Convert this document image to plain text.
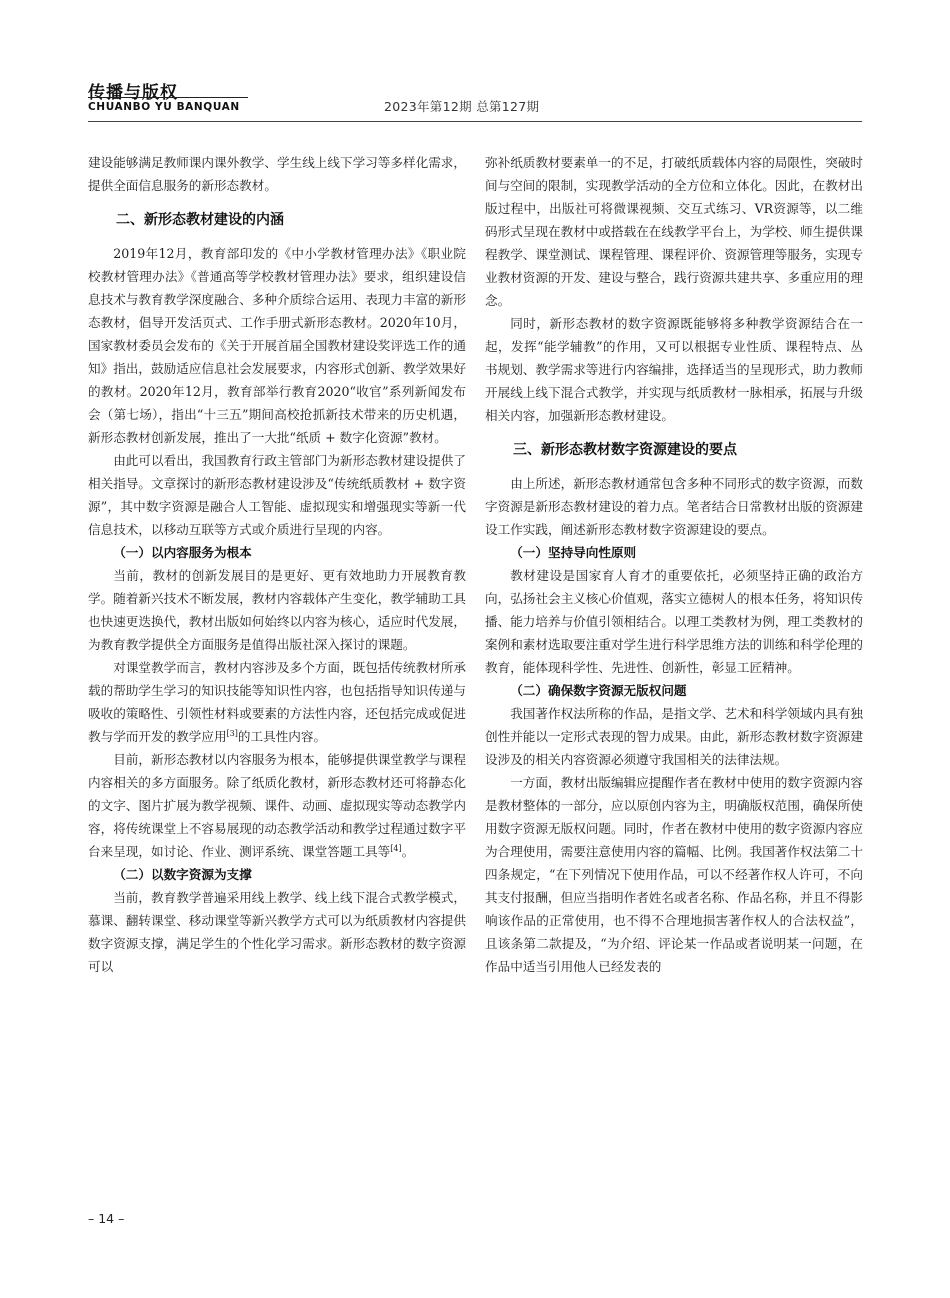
传播与版权
CHUANBO YU BANQUAN	2023年第12期 总第127期

建设能够满足教师课内课外教学、学生线上线下学习等多样化需求，提供全面信息服务的新形态教材。

二、新形态教材建设的内涵

2019年12月，教育部印发的《中小学教材管理办法》《职业院校教材管理办法》《普通高等学校教材管理办法》要求，组织建设信息技术与教育教学深度融合、多种介质综合运用、表现力丰富的新形态教材，倡导开发活页式、工作手册式新形态教材。2020年10月，国家教材委员会发布的《关于开展首届全国教材建设奖评选工作的通知》指出，鼓励适应信息社会发展要求，内容形式创新、教学效果好的教材。2020年12月，教育部举行教育2020“收官”系列新闻发布会（第七场），指出“十三五”期间高校抢抓新技术带来的历史机遇，新形态教材创新发展，推出了一大批“纸质 + 数字化资源”教材。

由此可以看出，我国教育行政主管部门为新形态教材建设提供了相关指导。文章探讨的新形态教材建设涉及“传统纸质教材 + 数字资源”，其中数字资源是融合人工智能、虚拟现实和增强现实等新一代信息技术，以移动互联等方式或介质进行呈现的内容。

（一）以内容服务为根本

当前，教材的创新发展目的是更好、更有效地助力开展教育教学。随着新兴技术不断发展，教材内容载体产生变化，教学辅助工具也快速更迭换代，教材出版如何始终以内容为核心，适应时代发展，为教育教学提供全方面服务是值得出版社深入探讨的课题。

对课堂教学而言，教材内容涉及多个方面，既包括传统教材所承载的帮助学生学习的知识技能等知识性内容，也包括指导知识传递与吸收的策略性、引领性材料或要素的方法性内容，还包括完成或促进教与学而开发的教学应用[3]的工具性内容。

目前，新形态教材以内容服务为根本，能够提供课堂教学与课程内容相关的多方面服务。除了纸质化教材，新形态教材还可将静态化的文字、图片扩展为教学视频、课件、动画、虚拟现实等动态教学内容，将传统课堂上不容易展现的动态教学活动和教学过程通过数字平台来呈现，如讨论、作业、测评系统、课堂答题工具等[4]。

（二）以数字资源为支撑

当前，教育教学普遍采用线上教学、线上线下混合式教学模式，慕课、翻转课堂、移动课堂等新兴教学方式可以为纸质教材内容提供数字资源支撑，满足学生的个性化学习需求。新形态教材的数字资源可以

弥补纸质教材要素单一的不足，打破纸质载体内容的局限性，突破时间与空间的限制，实现教学活动的全方位和立体化。因此，在教材出版过程中，出版社可将微课视频、交互式练习、VR资源等，以二维码形式呈现在教材中或搭载在在线教学平台上，为学校、师生提供课程教学、课堂测试、课程管理、课程评价、资源管理等服务，实现专业教材资源的开发、建设与整合，践行资源共建共享、多重应用的理念。

同时，新形态教材的数字资源既能够将多种教学资源结合在一起，发挥“能学辅教”的作用，又可以根据专业性质、课程特点、丛书规划、教学需求等进行内容编排，选择适当的呈现形式，助力教师开展线上线下混合式教学，并实现与纸质教材一脉相承，拓展与升级相关内容，加强新形态教材建设。

三、新形态教材数字资源建设的要点

由上所述，新形态教材通常包含多种不同形式的数字资源，而数字资源是新形态教材建设的着力点。笔者结合日常教材出版的资源建设工作实践，阐述新形态教材数字资源建设的要点。

（一）坚持导向性原则

教材建设是国家育人育才的重要依托，必须坚持正确的政治方向，弘扬社会主义核心价值观，落实立德树人的根本任务，将知识传播、能力培养与价值引领相结合。以理工类教材为例，理工类教材的案例和素材选取要注重对学生进行科学思维方法的训练和科学伦理的教育，能体现科学性、先进性、创新性，彰显工匠精神。

（二）确保数字资源无版权问题

我国著作权法所称的作品，是指文学、艺术和科学领域内具有独创性并能以一定形式表现的智力成果。由此，新形态教材数字资源建设涉及的相关内容资源必须遵守我国相关的法律法规。

一方面，教材出版编辑应提醒作者在教材中使用的数字资源内容是教材整体的一部分，应以原创内容为主，明确版权范围，确保所使用数字资源无版权问题。同时，作者在教材中使用的数字资源内容应为合理使用，需要注意使用内容的篇幅、比例。我国著作权法第二十四条规定，“在下列情况下使用作品，可以不经著作权人许可，不向其支付报酬，但应当指明作者姓名或者名称、作品名称，并且不得影响该作品的正常使用，也不得不合理地损害著作权人的合法权益”，且该条第二款提及，“为介绍、评论某一作品或者说明某一问题，在作品中适当引用他人已经发表的

– 14 –
